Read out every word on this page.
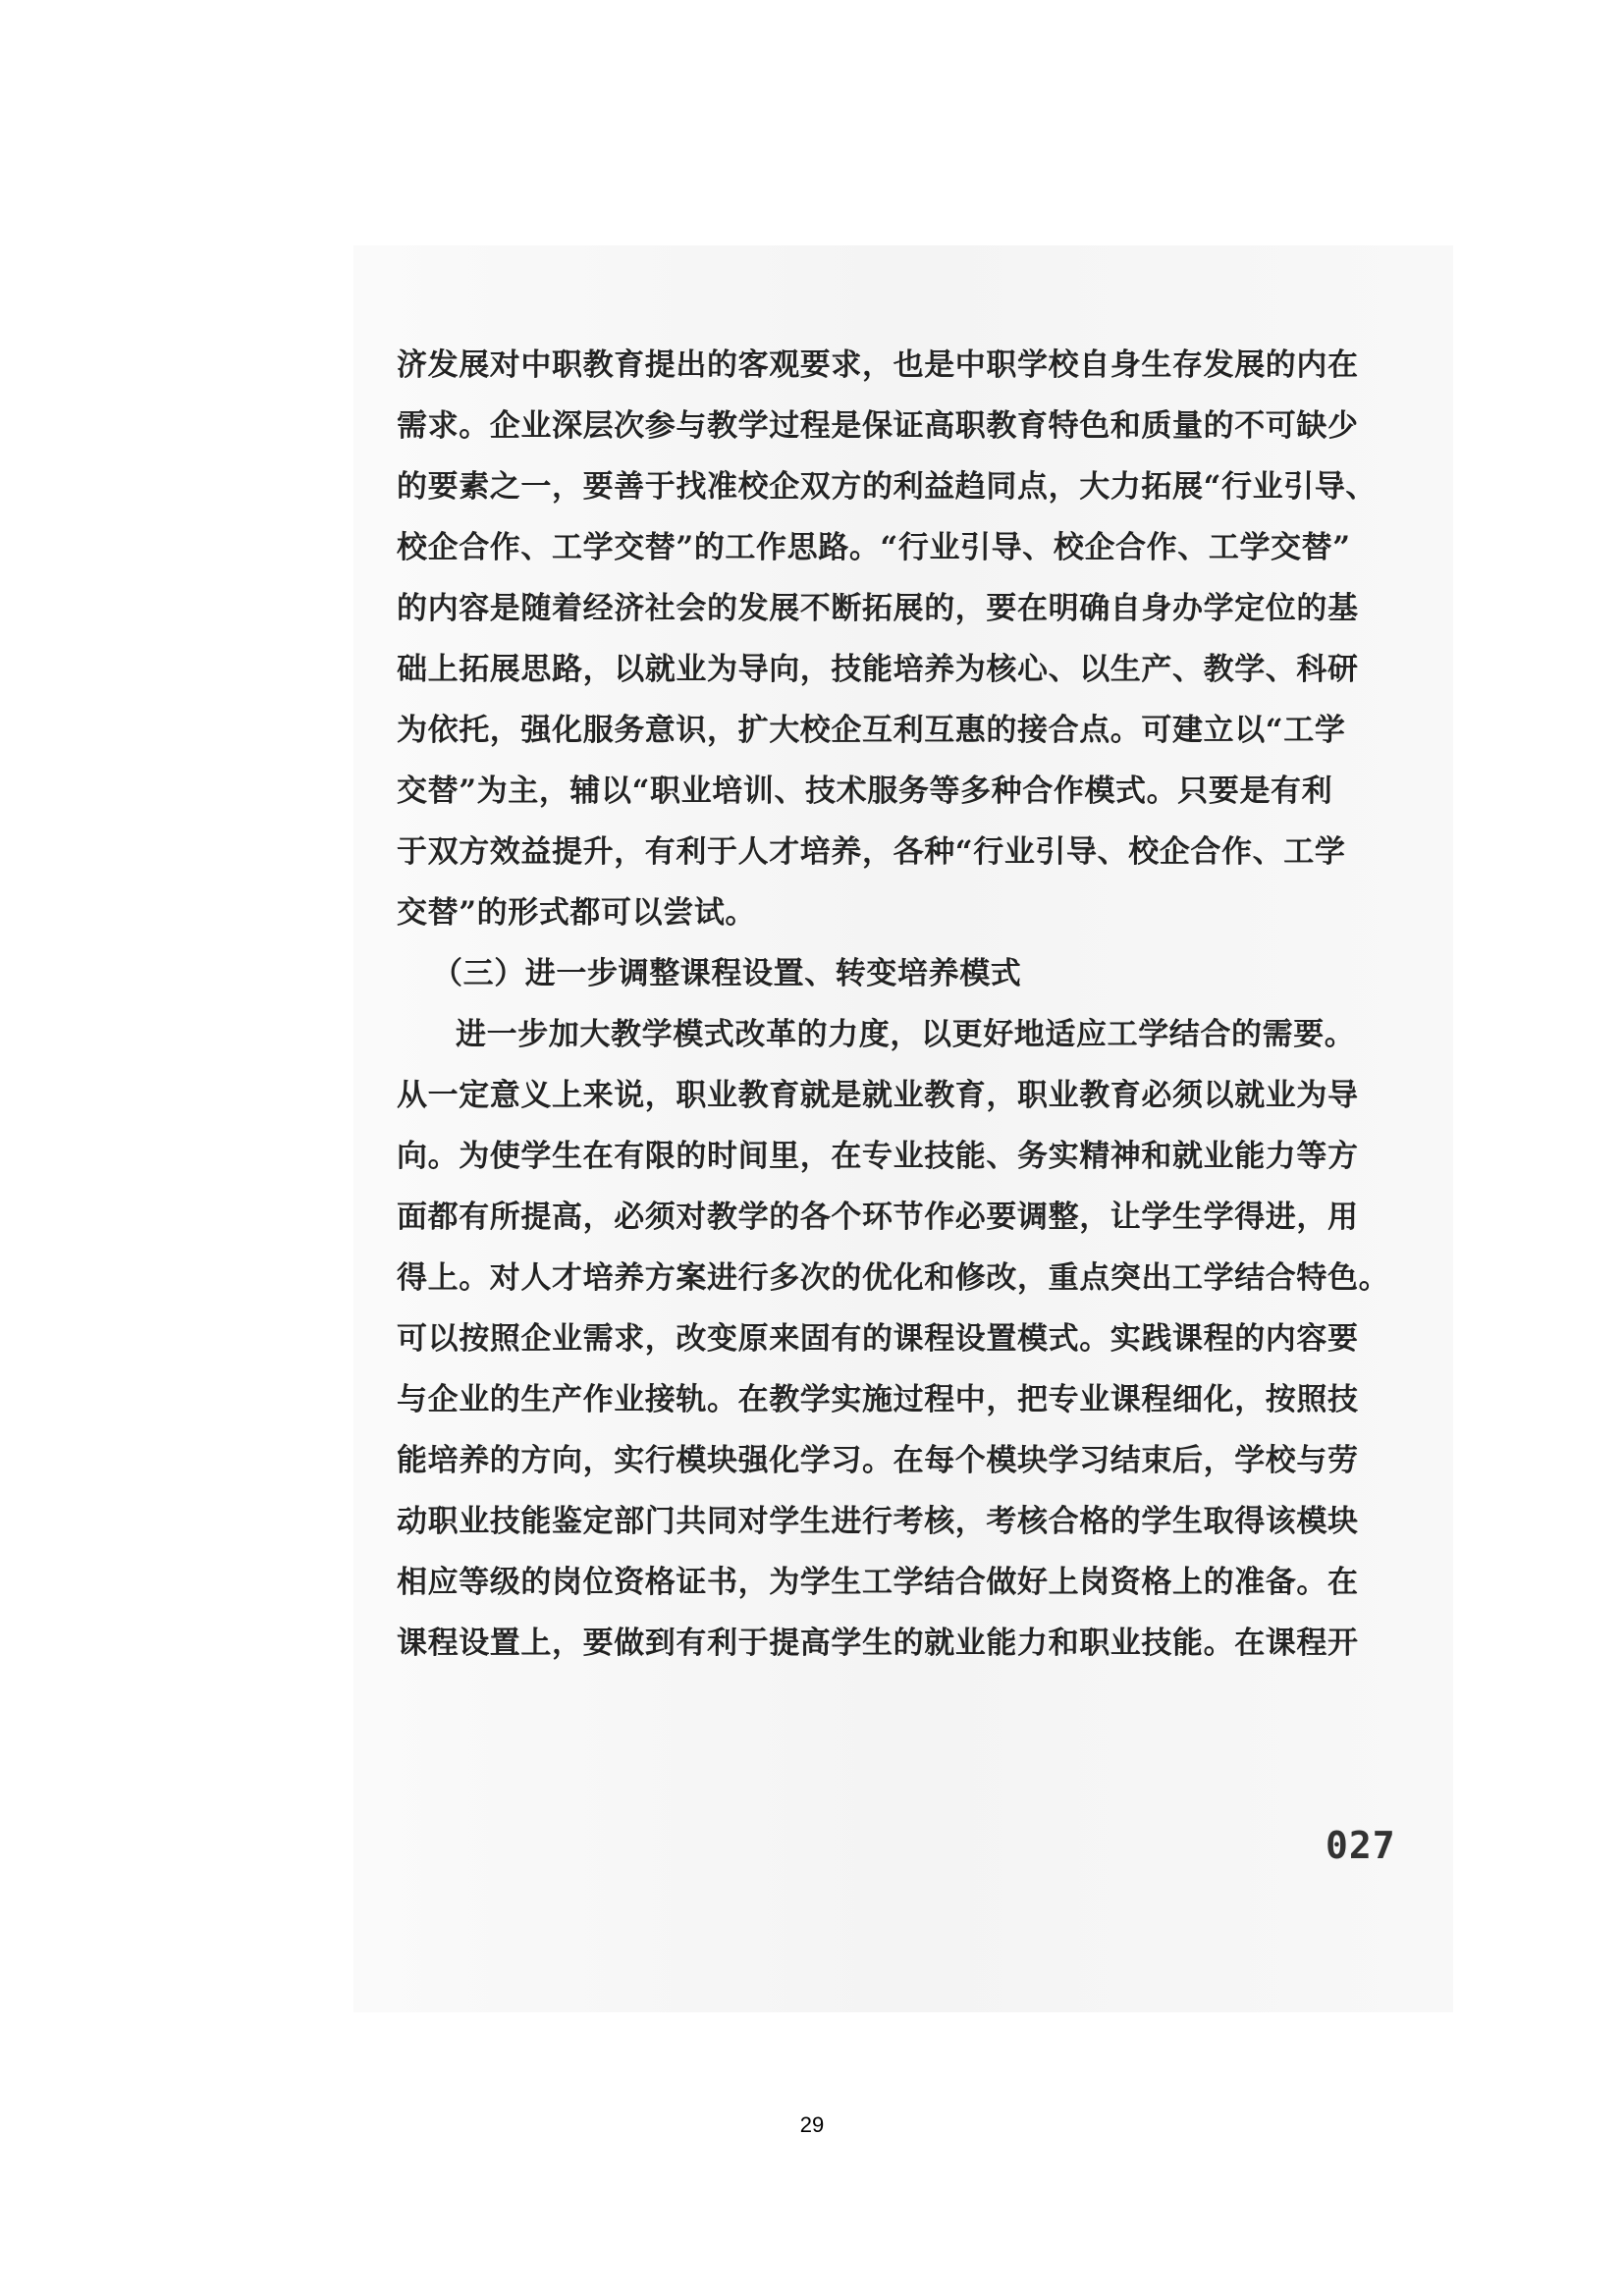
济发展对中职教育提出的客观要求，也是中职学校自身生存发展的内在
需求。企业深层次参与教学过程是保证高职教育特色和质量的不可缺少
的要素之一，要善于找准校企双方的利益趋同点，大力拓展“行业引导、
校企合作、工学交替”的工作思路。“行业引导、校企合作、工学交替”
的内容是随着经济社会的发展不断拓展的，要在明确自身办学定位的基
础上拓展思路，以就业为导向，技能培养为核心、以生产、教学、科研
为依托，强化服务意识，扩大校企互利互惠的接合点。可建立以“工学
交替”为主，辅以“职业培训、技术服务等多种合作模式。只要是有利
于双方效益提升，有利于人才培养，各种“行业引导、校企合作、工学
交替”的形式都可以尝试。
（三）进一步调整课程设置、转变培养模式
进一步加大教学模式改革的力度，以更好地适应工学结合的需要。
从一定意义上来说，职业教育就是就业教育，职业教育必须以就业为导
向。为使学生在有限的时间里，在专业技能、务实精神和就业能力等方
面都有所提高，必须对教学的各个环节作必要调整，让学生学得进，用
得上。对人才培养方案进行多次的优化和修改，重点突出工学结合特色。
可以按照企业需求，改变原来固有的课程设置模式。实践课程的内容要
与企业的生产作业接轨。在教学实施过程中，把专业课程细化，按照技
能培养的方向，实行模块强化学习。在每个模块学习结束后，学校与劳
动职业技能鉴定部门共同对学生进行考核，考核合格的学生取得该模块
相应等级的岗位资格证书，为学生工学结合做好上岗资格上的准备。在
课程设置上，要做到有利于提高学生的就业能力和职业技能。在课程开
027
29
